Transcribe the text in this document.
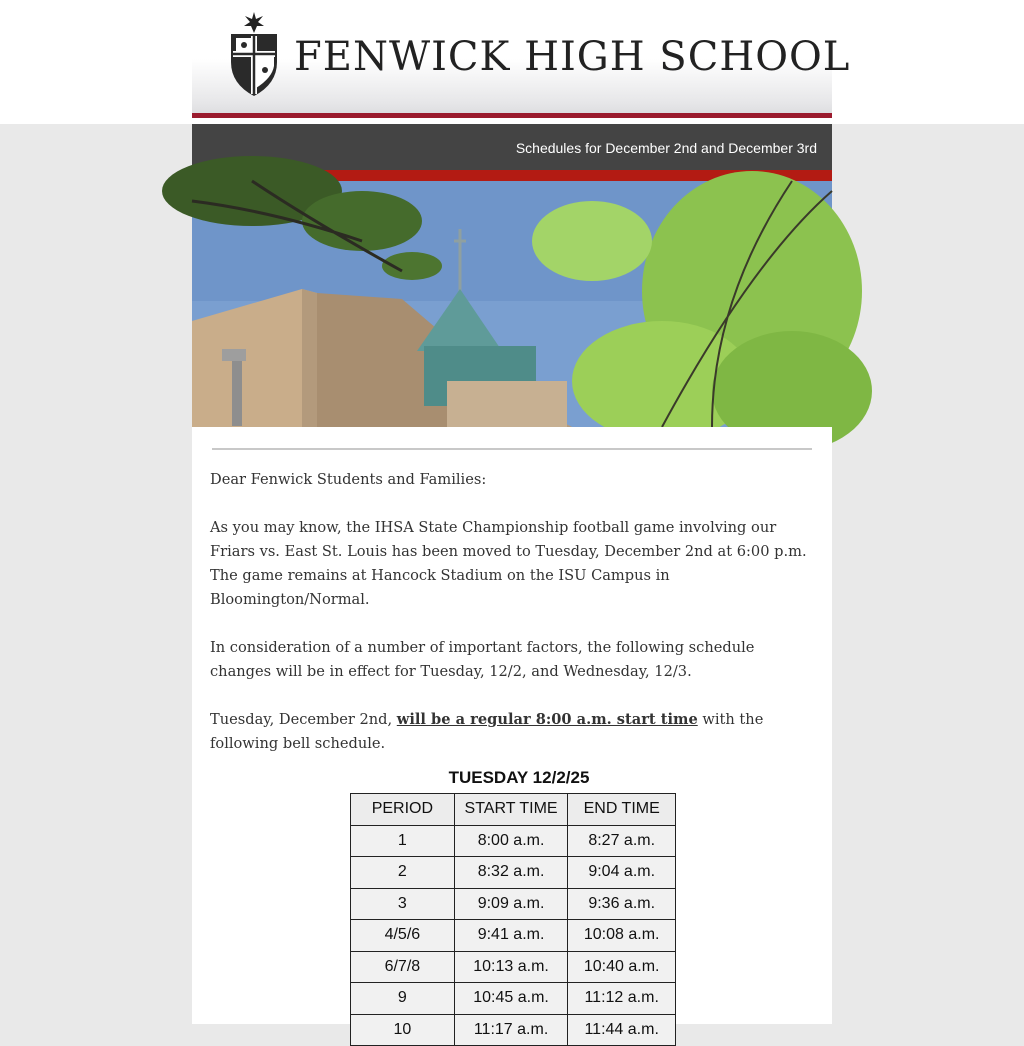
FENWICK HIGH SCHOOL
Schedules for December 2nd and December 3rd

Dear Fenwick Students and Families:

As you may know, the IHSA State Championship football game involving our Friars vs. East St. Louis has been moved to Tuesday, December 2nd at 6:00 p.m. The game remains at Hancock Stadium on the ISU Campus in Bloomington/Normal.

In consideration of a number of important factors, the following schedule changes will be in effect for Tuesday, 12/2, and Wednesday, 12/3.

Tuesday, December 2nd, will be a regular 8:00 a.m. start time with the following bell schedule.

TUESDAY 12/2/25
PERIOD	START TIME	END TIME
1	8:00 a.m.	8:27 a.m.
2	8:32 a.m.	9:04 a.m.
3	9:09 a.m.	9:36 a.m.
4/5/6	9:41 a.m.	10:08 a.m.
6/7/8	10:13 a.m.	10:40 a.m.
9	10:45 a.m.	11:12 a.m.
10	11:17 a.m.	11:44 a.m.
